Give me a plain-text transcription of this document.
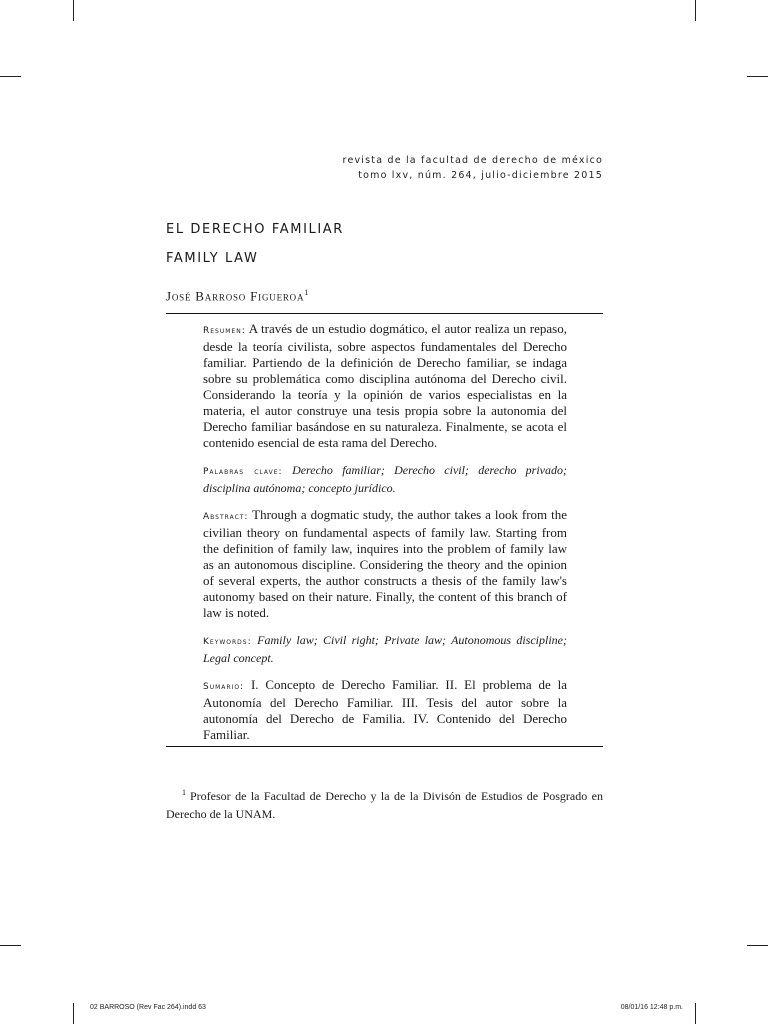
revista de la facultad de derecho de méxico
tomo lxv, núm. 264, julio-diciembre 2015
EL DERECHO FAMILIAR
FAMILY LAW
José Barroso Figueroa$^1$

Resumen: A través de un estudio dogmático, el autor realiza un repaso, desde la teoría civilista, sobre aspectos fundamentales del Derecho familiar. Partiendo de la definición de Derecho familiar, se indaga sobre su problemática como disciplina autónoma del Derecho civil. Considerando la teoría y la opinión de varios especialistas en la materia, el autor construye una tesis propia sobre la autonomia del Derecho familiar basándose en su naturaleza. Finalmente, se acota el contenido esencial de esta rama del Derecho.

Palabras clave: Derecho familiar; Derecho civil; derecho privado; disciplina autónoma; concepto jurídico.

Abstract: Through a dogmatic study, the author takes a look from the civilian theory on fundamental aspects of family law. Starting from the definition of family law, inquires into the problem of family law as an autonomous discipline. Considering the theory and the opinion of several experts, the author constructs a thesis of the family law's autonomy based on their nature. Finally, the content of this branch of law is noted.

Keywords: Family law; Civil right; Private law; Autonomous discipline; Legal concept.

Sumario: I. Concepto de Derecho Familiar. II. El problema de la Autonomía del Derecho Familiar. III. Tesis del autor sobre la autonomía del Derecho de Familia. IV. Contenido del Derecho Familiar.

$^1$ Profesor de la Facultad de Derecho y la de la Divisón de Estudios de Posgrado en Derecho de la UNAM.
02 BARROSO (Rev Fac 264).indd 63	08/01/16 12:48 p.m.
